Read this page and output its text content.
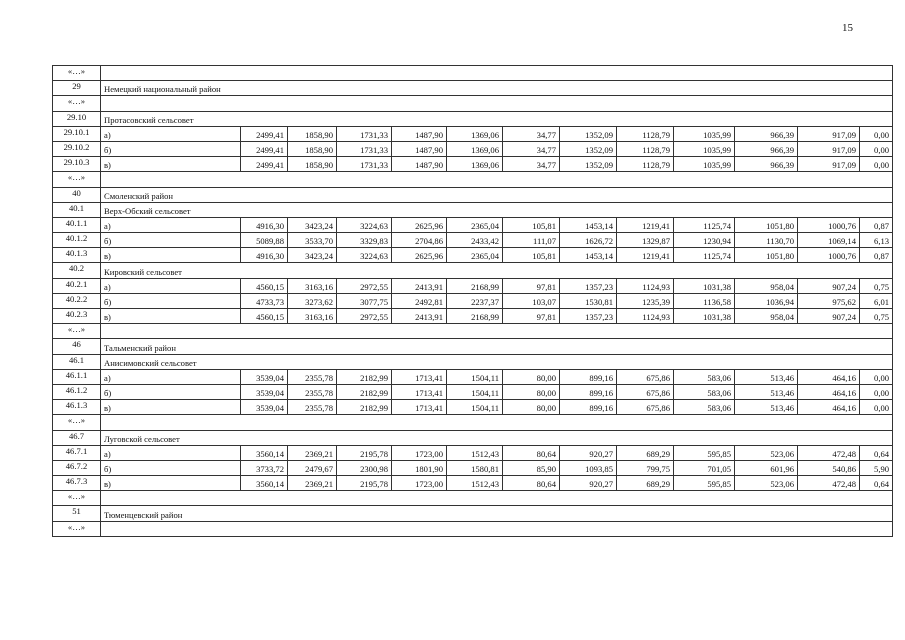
15
«…»													
29	Немецкий национальный район												
«…»													
29.10	Протасовский сельсовет												
29.10.1	а)	2499,41	1858,90	1731,33	1487,90	1369,06	34,77	1352,09	1128,79	1035,99	966,39	917,09	0,00
29.10.2	б)	2499,41	1858,90	1731,33	1487,90	1369,06	34,77	1352,09	1128,79	1035,99	966,39	917,09	0,00
29.10.3	в)	2499,41	1858,90	1731,33	1487,90	1369,06	34,77	1352,09	1128,79	1035,99	966,39	917,09	0,00
«…»													
40	Смоленский район												
40.1	Верх-Обский сельсовет												
40.1.1	а)	4916,30	3423,24	3224,63	2625,96	2365,04	105,81	1453,14	1219,41	1125,74	1051,80	1000,76	0,87
40.1.2	б)	5089,88	3533,70	3329,83	2704,86	2433,42	111,07	1626,72	1329,87	1230,94	1130,70	1069,14	6,13
40.1.3	в)	4916,30	3423,24	3224,63	2625,96	2365,04	105,81	1453,14	1219,41	1125,74	1051,80	1000,76	0,87
40.2	Кировский сельсовет												
40.2.1	а)	4560,15	3163,16	2972,55	2413,91	2168,99	97,81	1357,23	1124,93	1031,38	958,04	907,24	0,75
40.2.2	б)	4733,73	3273,62	3077,75	2492,81	2237,37	103,07	1530,81	1235,39	1136,58	1036,94	975,62	6,01
40.2.3	в)	4560,15	3163,16	2972,55	2413,91	2168,99	97,81	1357,23	1124,93	1031,38	958,04	907,24	0,75
«…»													
46	Тальменский район												
46.1	Анисимовский сельсовет												
46.1.1	а)	3539,04	2355,78	2182,99	1713,41	1504,11	80,00	899,16	675,86	583,06	513,46	464,16	0,00
46.1.2	б)	3539,04	2355,78	2182,99	1713,41	1504,11	80,00	899,16	675,86	583,06	513,46	464,16	0,00
46.1.3	в)	3539,04	2355,78	2182,99	1713,41	1504,11	80,00	899,16	675,86	583,06	513,46	464,16	0,00
«…»													
46.7	Луговской сельсовет												
46.7.1	а)	3560,14	2369,21	2195,78	1723,00	1512,43	80,64	920,27	689,29	595,85	523,06	472,48	0,64
46.7.2	б)	3733,72	2479,67	2300,98	1801,90	1580,81	85,90	1093,85	799,75	701,05	601,96	540,86	5,90
46.7.3	в)	3560,14	2369,21	2195,78	1723,00	1512,43	80,64	920,27	689,29	595,85	523,06	472,48	0,64
«…»													
51	Тюменцевский район												
«…»													
